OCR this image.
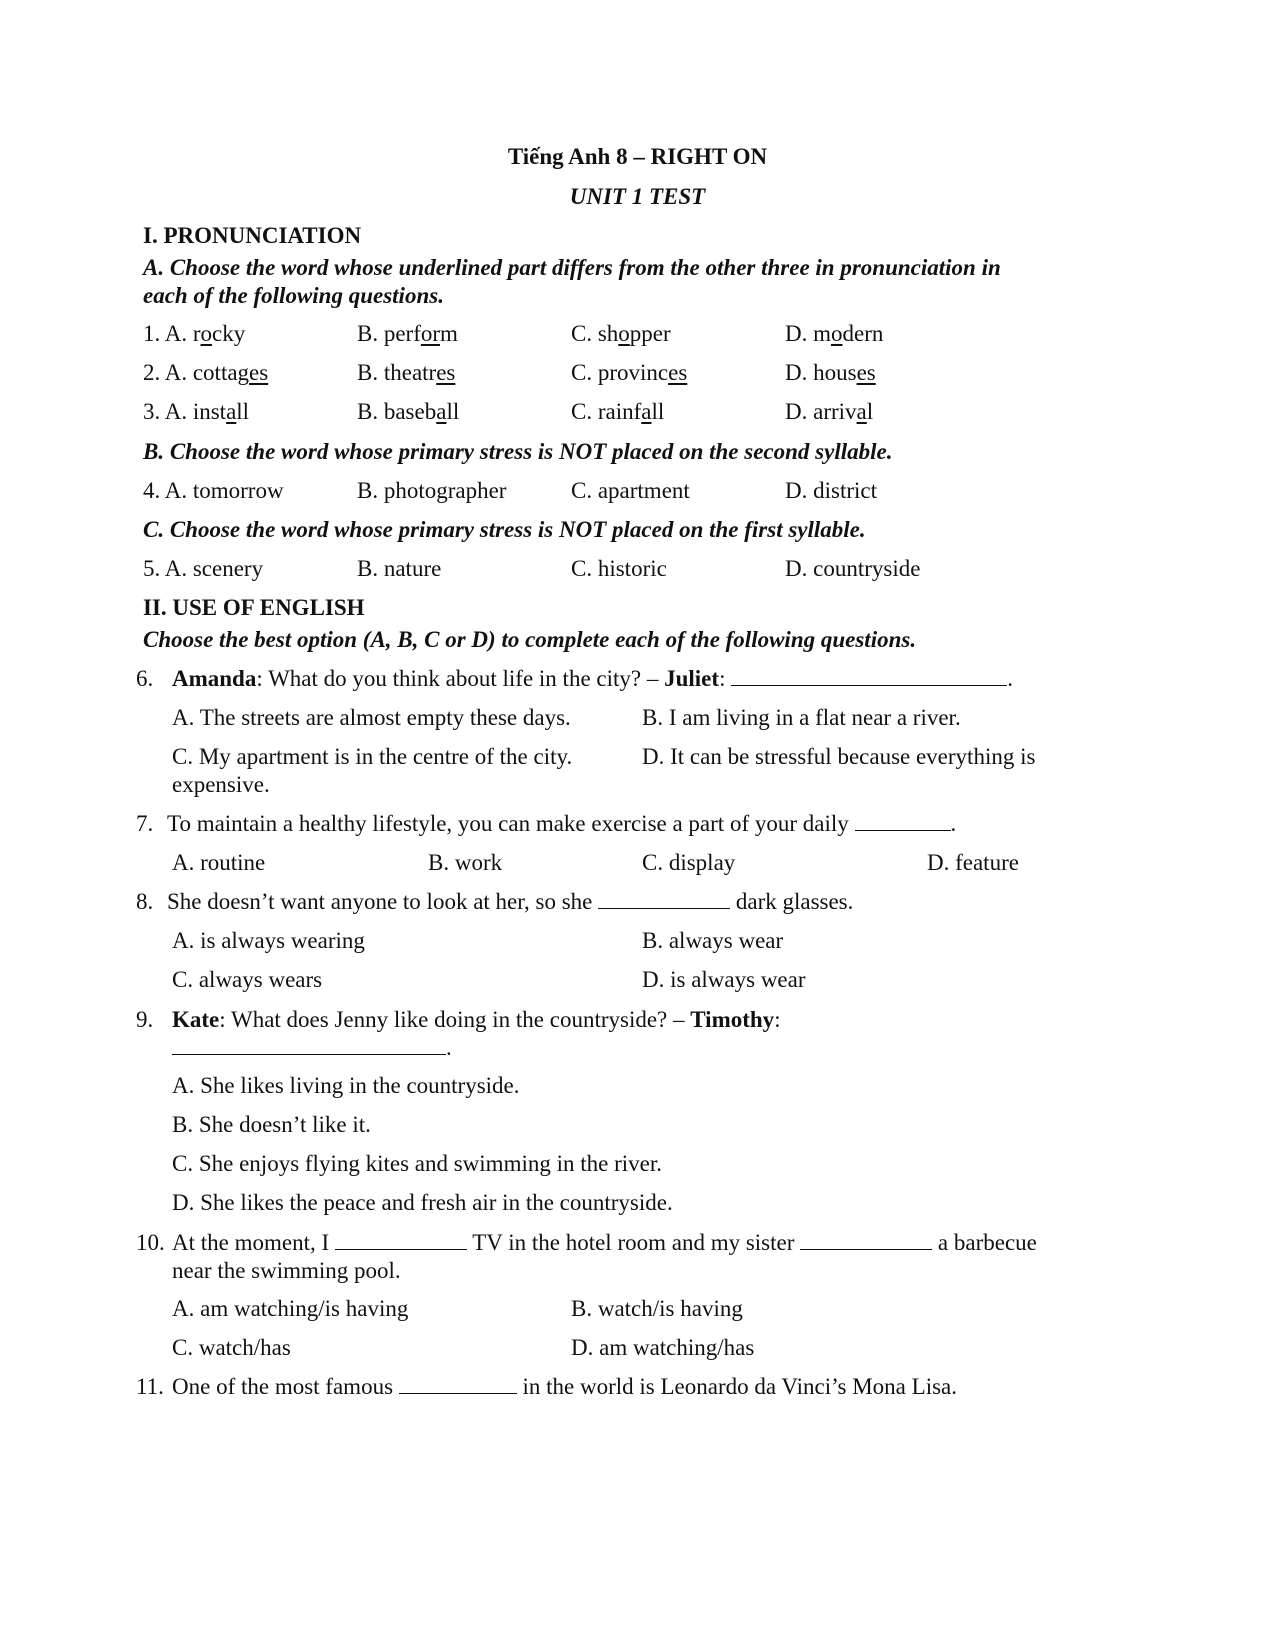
Tiếng Anh 8 – RIGHT ON
UNIT 1 TEST
I. PRONUNCIATION
A. Choose the word whose underlined part differs from the other three in pronunciation in
each of the following questions.
1. A. rocky	B. perform	C. shopper	D. modern
2. A. cottages	B. theatres	C. provinces	D. houses
3. A. install	B. baseball	C. rainfall	D. arrival
B. Choose the word whose primary stress is NOT placed on the second syllable.
4. A. tomorrow	B. photographer	C. apartment	D. district
C. Choose the word whose primary stress is NOT placed on the first syllable.
5. A. scenery	B. nature	C. historic	D. countryside
II. USE OF ENGLISH
Choose the best option (A, B, C or D) to complete each of the following questions.
6. Amanda: What do you think about life in the city? – Juliet:	.
A. The streets are almost empty these days.	B. I am living in a flat near a river.
C. My apartment is in the centre of the city.	D. It can be stressful because everything is
expensive.
7. To maintain a healthy lifestyle, you can make exercise a part of your daily	.
A. routine	B. work	C. display	D. feature
8. She doesn’t want anyone to look at her, so she	dark glasses.
A. is always wearing	B. always wear
C. always wears	D. is always wear
9. Kate: What does Jenny like doing in the countryside? – Timothy:
.
A. She likes living in the countryside.
B. She doesn’t like it.
C. She enjoys flying kites and swimming in the river.
D. She likes the peace and fresh air in the countryside.
10. At the moment, I	TV in the hotel room and my sister	a barbecue
near the swimming pool.
A. am watching/is having	B. watch/is having
C. watch/has	D. am watching/has
11. One of the most famous	in the world is Leonardo da Vinci’s Mona Lisa.
